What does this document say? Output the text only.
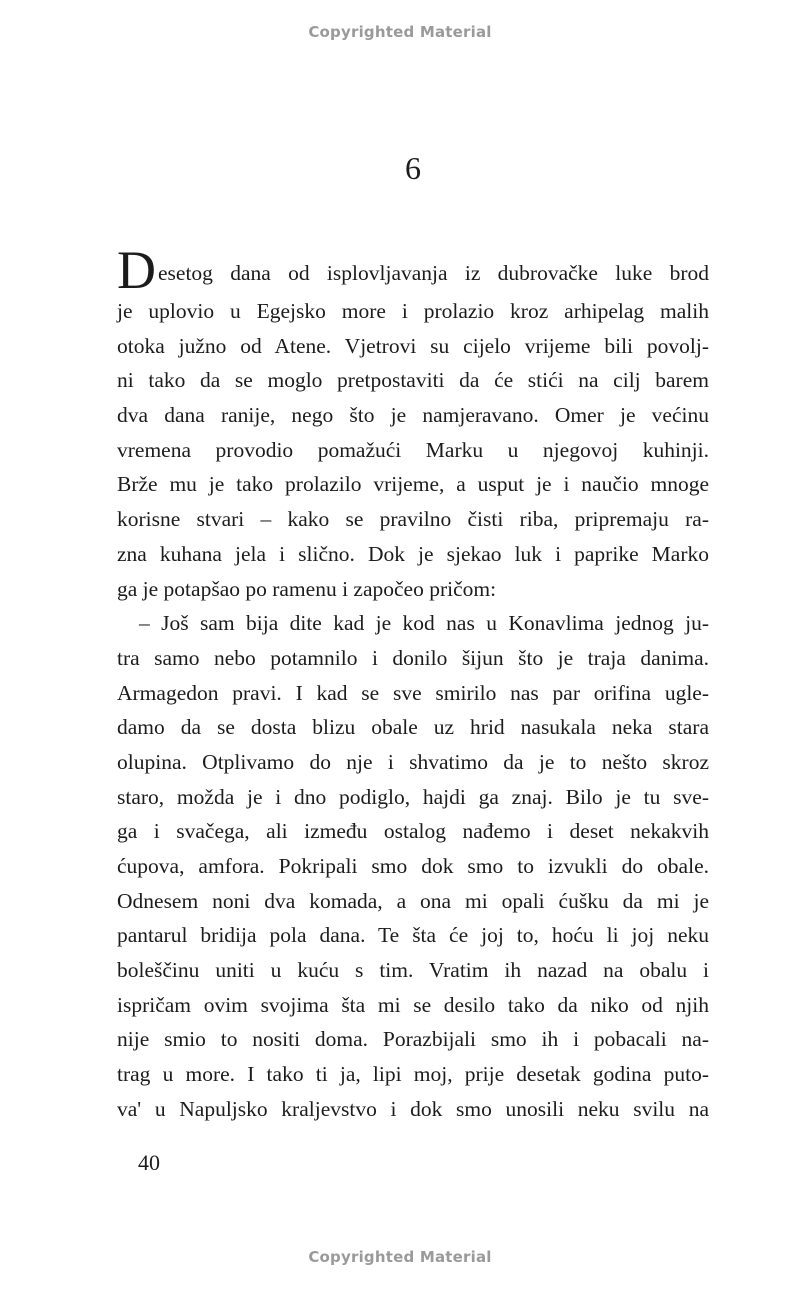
Copyrighted Material
6
D esetog dana od isplovljavanja iz dubrovačke luke brod
je uplovio u Egejsko more i prolazio kroz arhipelag malih
otoka južno od Atene. Vjetrovi su cijelo vrijeme bili povolj-
ni tako da se moglo pretpostaviti da će stići na cilj barem
dva dana ranije, nego što je namjeravano. Omer je većinu
vremena provodio pomažući Marku u njegovoj kuhinji.
Brže mu je tako prolazilo vrijeme, a usput je i naučio mnoge
korisne stvari – kako se pravilno čisti riba, pripremaju ra-
zna kuhana jela i slično. Dok je sjekao luk i paprike Marko
ga je potapšao po ramenu i započeo pričom:
– Još sam bija dite kad je kod nas u Konavlima jednog ju-
tra samo nebo potamnilo i donilo šijun što je traja danima.
Armagedon pravi. I kad se sve smirilo nas par orifina ugle-
damo da se dosta blizu obale uz hrid nasukala neka stara
olupina. Otplivamo do nje i shvatimo da je to nešto skroz
staro, možda je i dno podiglo, hajdi ga znaj. Bilo je tu sve-
ga i svačega, ali između ostalog nađemo i deset nekakvih
ćupova, amfora. Pokripali smo dok smo to izvukli do obale.
Odnesem noni dva komada, a ona mi opali ćušku da mi je
pantarul bridija pola dana. Te šta će joj to, hoću li joj neku
boleščinu uniti u kuću s tim. Vratim ih nazad na obalu i
ispričam ovim svojima šta mi se desilo tako da niko od njih
nije smio to nositi doma. Porazbijali smo ih i pobacali na-
trag u more. I tako ti ja, lipi moj, prije desetak godina puto-
va' u Napuljsko kraljevstvo i dok smo unosili neku svilu na
40
Copyrighted Material
